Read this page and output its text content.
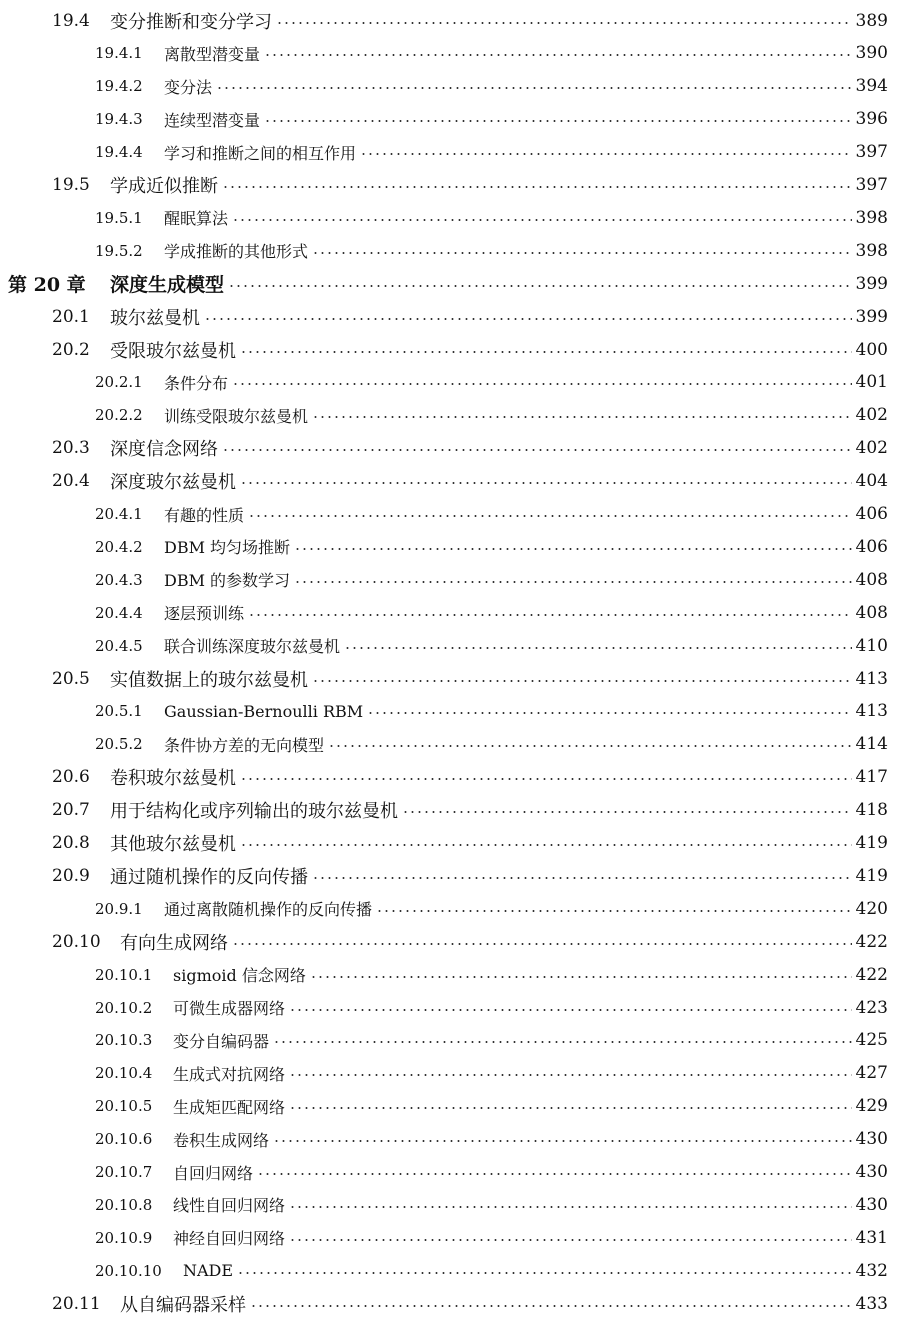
19.4	变分推断和变分学习	389
19.4.1	离散型潜变量	390
19.4.2	变分法	394
19.4.3	连续型潜变量	396
19.4.4	学习和推断之间的相互作用	397
19.5	学成近似推断	397
19.5.1	醒眠算法	398
19.5.2	学成推断的其他形式	398
第 20 章	深度生成模型	399
20.1	玻尔兹曼机	399
20.2	受限玻尔兹曼机	400
20.2.1	条件分布	401
20.2.2	训练受限玻尔兹曼机	402
20.3	深度信念网络	402
20.4	深度玻尔兹曼机	404
20.4.1	有趣的性质	406
20.4.2	DBM 均匀场推断	406
20.4.3	DBM 的参数学习	408
20.4.4	逐层预训练	408
20.4.5	联合训练深度玻尔兹曼机	410
20.5	实值数据上的玻尔兹曼机	413
20.5.1	Gaussian-Bernoulli RBM	413
20.5.2	条件协方差的无向模型	414
20.6	卷积玻尔兹曼机	417
20.7	用于结构化或序列输出的玻尔兹曼机	418
20.8	其他玻尔兹曼机	419
20.9	通过随机操作的反向传播	419
20.9.1	通过离散随机操作的反向传播	420
20.10	有向生成网络	422
20.10.1	sigmoid 信念网络	422
20.10.2	可微生成器网络	423
20.10.3	变分自编码器	425
20.10.4	生成式对抗网络	427
20.10.5	生成矩匹配网络	429
20.10.6	卷积生成网络	430
20.10.7	自回归网络	430
20.10.8	线性自回归网络	430
20.10.9	神经自回归网络	431
20.10.10	NADE	432
20.11	从自编码器采样	433
